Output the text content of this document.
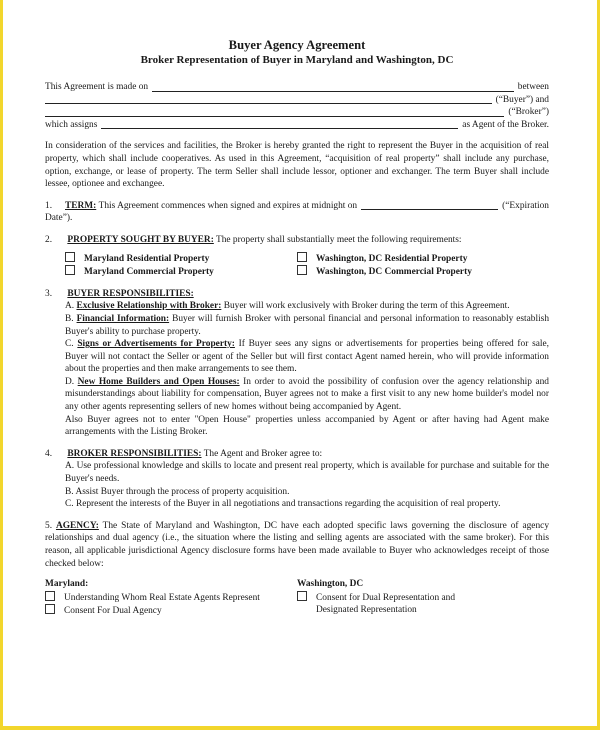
Buyer Agency Agreement
Broker Representation of Buyer in Maryland and Washington, DC
This Agreement is made on	between
(“Buyer”) and
(“Broker”)
which assigns	as Agent of the Broker.

In consideration of the services and facilities, the Broker is hereby granted the right to represent the Buyer in the acquisition of real property, which shall include cooperatives. As used in this Agreement, “acquisition of real property” shall include any purchase, option, exchange, or lease of property. The term Seller shall include lessor, optioner and exchanger. The term Buyer shall include lessee, optionee and exchangee.

1.	TERM:
This Agreement commences when signed and expires at midnight on	(“Expiration
Date”).
2. PROPERTY SOUGHT BY BUYER: The property shall substantially meet the following requirements:
Maryland Residential Property	Washington, DC Residential Property
Maryland Commercial Property	Washington, DC Commercial Property
3. BUYER RESPONSIBILITIES:

A. Exclusive Relationship with Broker: Buyer will work exclusively with Broker during the term of this Agreement.

B. Financial Information: Buyer will furnish Broker with personal financial and personal information to reasonably establish Buyer's ability to purchase property.

C. Signs or Advertisements for Property: If Buyer sees any signs or advertisements for properties being offered for sale, Buyer will not contact the Seller or agent of the Seller but will first contact Agent named herein, who will provide information about the properties and then make arrangements to see them.

D. New Home Builders and Open Houses: In order to avoid the possibility of confusion over the agency relationship and misunderstandings about liability for compensation, Buyer agrees not to make a first visit to any new home builder's model nor any other agents representing sellers of new homes without being accompanied by Agent.

Also Buyer agrees not to enter "Open House" properties unless accompanied by Agent or after having had Agent make arrangements with the Listing Broker.

4. BROKER RESPONSIBILITIES: The Agent and Broker agree to:

A. Use professional knowledge and skills to locate and present real property, which is available for purchase and suitable for the Buyer's needs.

B. Assist Buyer through the process of property acquisition.

C. Represent the interests of the Buyer in all negotiations and transactions regarding the acquisition of real property.

5. AGENCY: The State of Maryland and Washington, DC have each adopted specific laws governing the disclosure of agency relationships and dual agency (i.e., the situation where the listing and selling agents are associated with the same broker). For this reason, all applicable jurisdictional Agency disclosure forms have been made available to Buyer who acknowledges receipt of those checked below:

Maryland:
Understanding Whom Real Estate Agents Represent
Consent For Dual Agency
Washington, DC
Consent for Dual Representation and
Designated Representation
